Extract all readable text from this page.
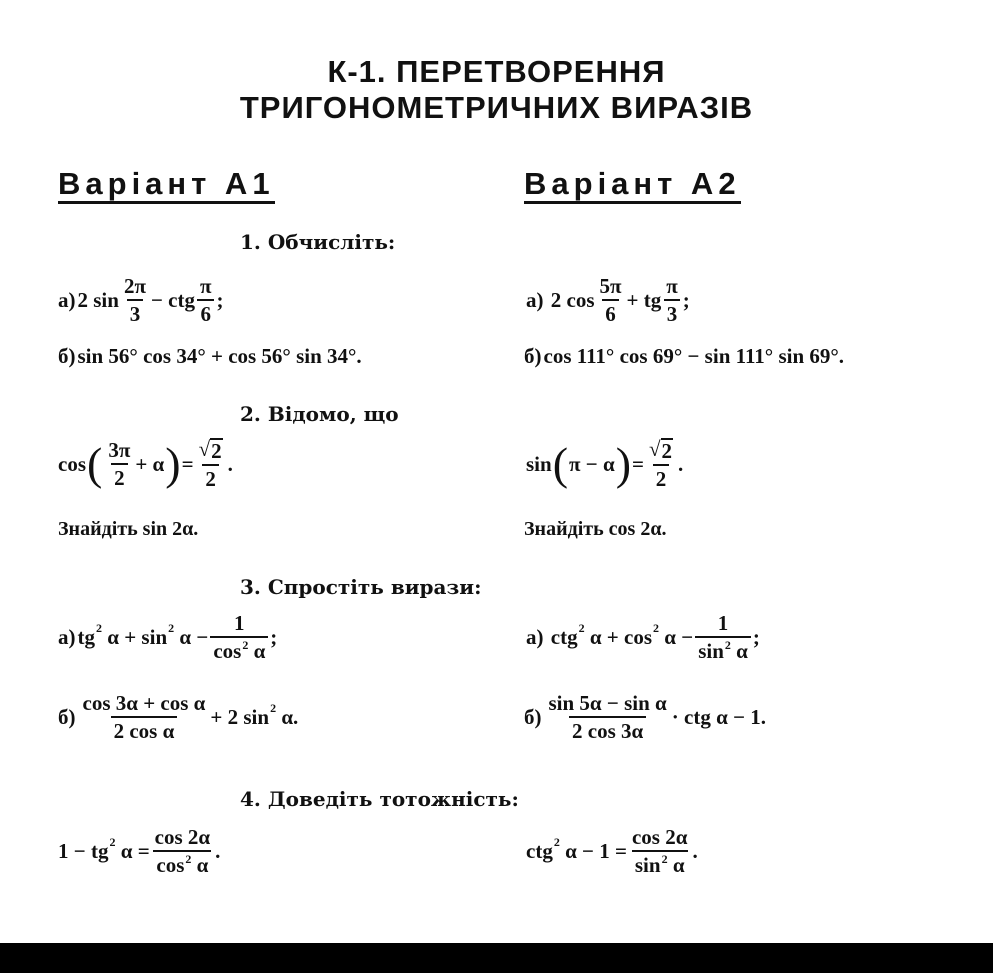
К-1. ПЕРЕТВОРЕННЯ
ТРИГОНОМЕТРИЧНИХ ВИРАЗІВ
Варіант А1	Варіант А2
1. Обчисліть:
а) 2 $\sin \frac{2\pi}{3}$ − ctg $\frac{\pi}{6}$ ;	а)
2 $\cos \frac{5\pi}{6}$ + tg $\frac{\pi}{3}$ ;
б) sin 56° cos 34° + cos 56° sin 34°.	б) cos 111° cos 69° − sin 111° sin 69°.
2. Відомо, що
cos ( $\frac{3\pi}{2} + \alpha$ ) = $\frac{√ 2}{2}$ .	sin ( π − α ) = $\frac{√ 2}{2}$ .
Знайдіть sin 2α.	Знайдіть cos 2α.
3. Спростіть вирази:
а) tg 2
α + sin 2
$\alpha - \frac{1}{\cos^2 \alpha}$ ;	а)
ctg 2
α + cos 2
$\alpha - \frac{1}{\sin^2 \alpha}$ ;
$б) \frac{\text{cos 3α + cos α}}{\text{2 cos α}} + 2$ sin 2
α.	$б) \frac{\text{sin 5α − sin α}}{2 \cos 3\alpha}$ · ctg α − 1.
4. Доведіть тотожність:
1 − tg 2
$\alpha = \frac{\cos 2\alpha}{\cos^2 \alpha}$ .	ctg 2
$\alpha - 1 = \frac{\cos 2\alpha}{\sin^2 \alpha}$ .
